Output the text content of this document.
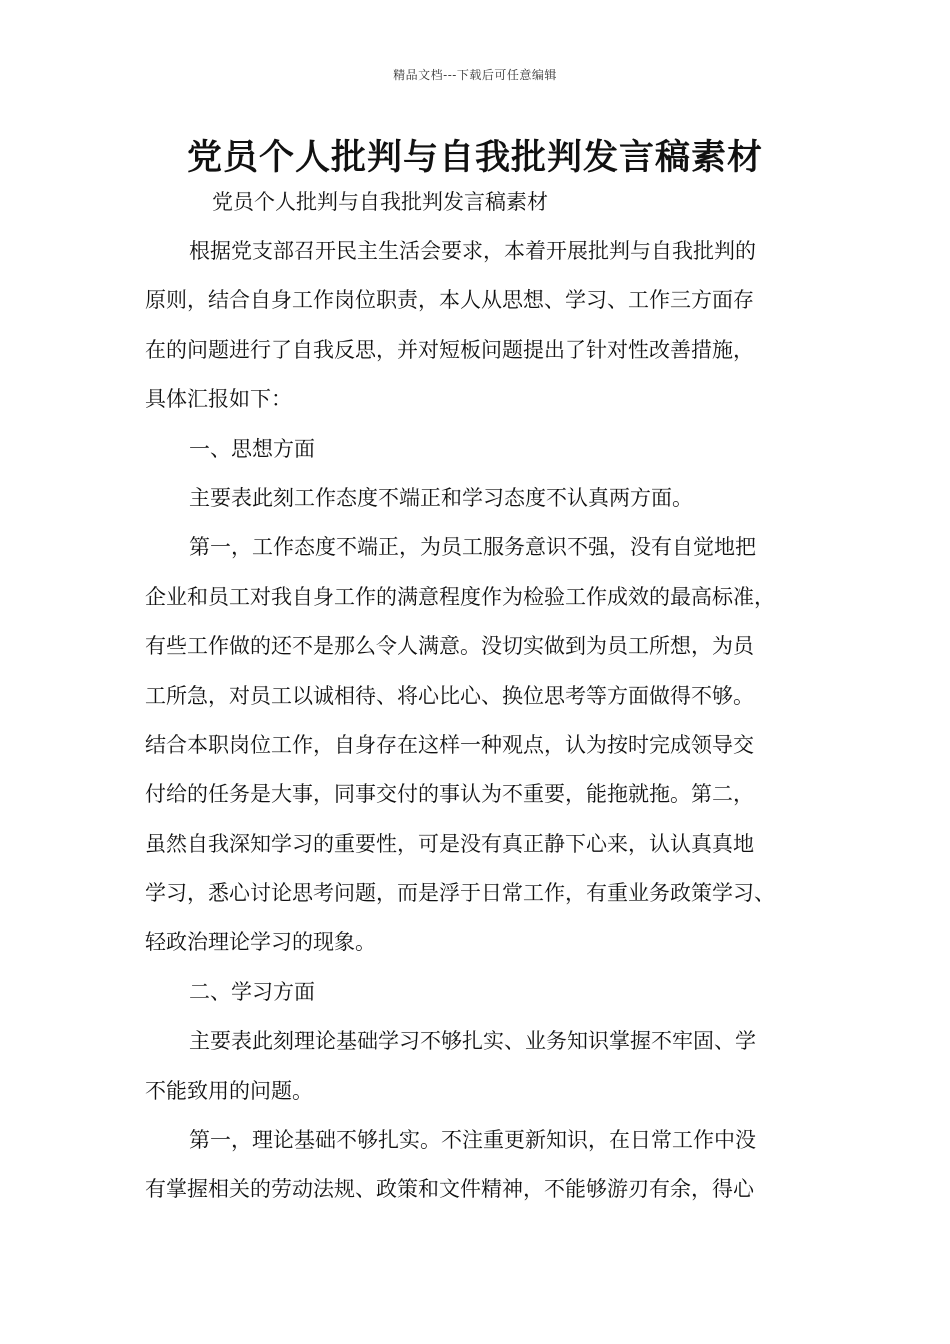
精品文档---下载后可任意编辑
党员个人批判与自我批判发言稿素材

党员个人批判与自我批判发言稿素材

根据党支部召开民主生活会要求，本着开展批判与自我批判的

原则，结合自身工作岗位职责，本人从思想、学习、工作三方面存

在的问题进行了自我反思，并对短板问题提出了针对性改善措施，

具体汇报如下：

一、思想方面

主要表此刻工作态度不端正和学习态度不认真两方面。

第一，工作态度不端正，为员工服务意识不强，没有自觉地把

企业和员工对我自身工作的满意程度作为检验工作成效的最高标准，

有些工作做的还不是那么令人满意。没切实做到为员工所想，为员

工所急，对员工以诚相待、将心比心、换位思考等方面做得不够。

结合本职岗位工作，自身存在这样一种观点，认为按时完成领导交

付给的任务是大事，同事交付的事认为不重要，能拖就拖。第二，

虽然自我深知学习的重要性，可是没有真正静下心来，认认真真地

学习，悉心讨论思考问题，而是浮于日常工作，有重业务政策学习、

轻政治理论学习的现象。

二、学习方面

主要表此刻理论基础学习不够扎实、业务知识掌握不牢固、学

不能致用的问题。

第一，理论基础不够扎实。不注重更新知识，在日常工作中没

有掌握相关的劳动法规、政策和文件精神，不能够游刃有余，得心
